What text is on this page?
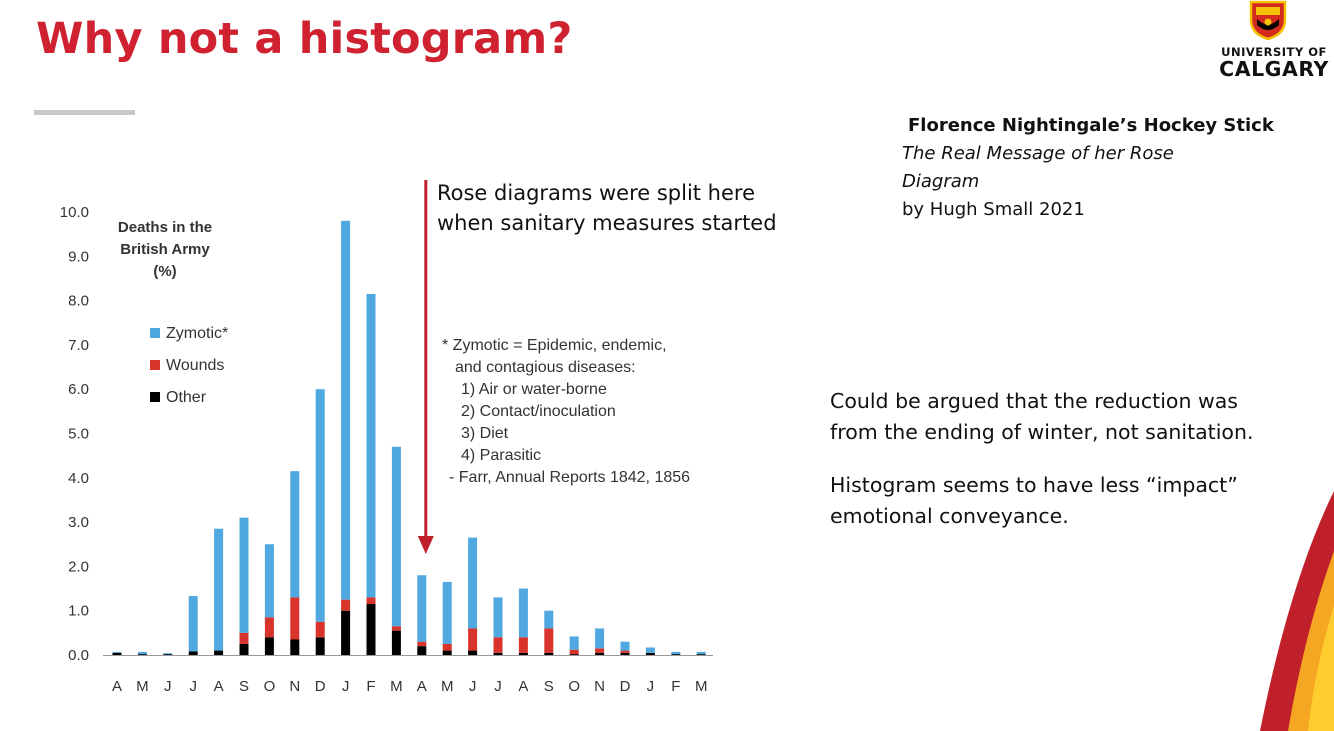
Why not a histogram?	UNIVERSITY OF
CALGARY
Florence Nightingale’s Hockey Stick
The Real Message of her Rose
Diagram
by Hugh Small 2021

Could be argued that the reduction was from the ending of winter, not sanitation.

Histogram seems to have less “impact” emotional conveyance.

0.0
1.0
2.0
3.0
4.0
5.0
6.0
7.0
8.0
9.0
10.0
A M J J A S O N D J F M A M J J A S O N D J F M
Deaths in the
British Army
(%)
Zymotic*
Wounds
Other
* Zymotic = Epidemic, endemic,
and contagious diseases:
1) Air or water-borne
2) Contact/inoculation
3) Diet
4) Parasitic
- Farr, Annual Reports 1842, 1856
Rose diagrams were split here
when sanitary measures started
